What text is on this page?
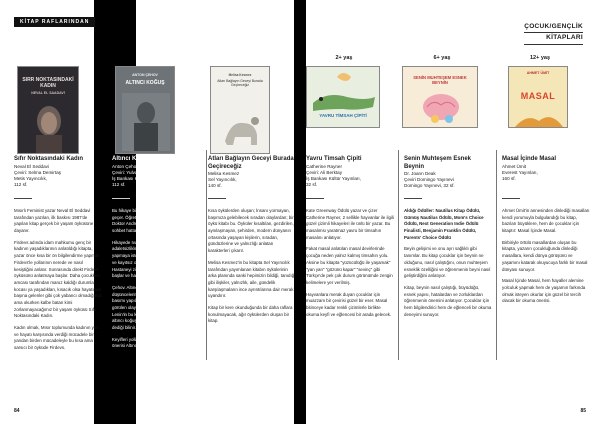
KİTAP RAFLARINDAN
ÇOCUK/GENÇLİK
KİTAPLARI
2+ yaş	6+ yaş	12+ yaş
SIRR NOKTASINDAKİ KADIN
NEVAL EL SAADAVİ
ANTON ÇEHOV
ALTINCI KOĞUŞ
Melisa Kesmez
Atları Bağlayın Geceyi Burada Geçireceğiz
YAVRU TİMSAH ÇİPİTİ
SENİN MUHTEŞEM ESNEK BEYNİN
AHMET ÜMİT
MASAL
Sıfır Noktasındaki Kadın
Neval El Seddavi
Çeviri: Selma Demirtaş
Metis Yayıncılık,
112 sf.
Altıncı Koğuş
Anton Çehov
Çeviri: Yulva Muhurdil
İş Bankası Kültür Yayınları,
112 sf.
Atları Bağlayın Geceyi Burada Geçireceğiz
Melisa Kesmez
Sel Yayıncılık,
140 sf.
Yavru Timsah Çipiti
Catherine Rayner
Çeviri: Ali Berktay
İş Bankası Kültür Yayınları,
32 sf.
Senin Muhteşem Esnek Beynin
Dr. Joann Deak
Çeviri Domingo Yayınevi
Domingo Yayınevi, 32 sf.
Masal İçinde Masal
Ahmet Ümit
Everest Yayınları,
160 sf.

Mısırlı Feminist yazar Neval El Seddavi tarafından yazılan, ilk baskısı 1987'de yapılan kitap gerçek bir yaşam öyküsüne dayanır.

Firdevs adında idam mahkumu genç bir kadının yaşadıklarının anlatıldığı kitapta, yazar önce kısa bir ön bilgilendirme yapmak Firdevs'le yollarının nerede ve nasıl kesiştiğini anlatır. Sonrasında direkt Firdevs öyküsünü anlatmaya başlar. Daha çocukken amcası tarafından maruz kaldığı durumlar, kocası ya yaşadıkları, kısacık olsa hayatında başına gelenler gibi çok yabancı olmadığımız ama okurken kalbe batan kimi zorlanmayacağımız bir yaşam öyküsü Sıfır Noktasındaki Kadın.

Kadın olmak, Mısır toplumunda kadının yeri ve hayatı karşısında verdiği mücadele bir yandan birden mücadeleyle bu kısa ama sarsıcı bir öyküde Firdevs.

Bu hikaye bir taşra kasabasındaki hastanede geçer. Öğretmil bir hasta olan Ivan Dmitriç ile Doktor Andrey Yefimiç arasındaki felsefik bir sohbet hatta çatışma anlatılır.

Hikayede Ivan Dmitriç yaşamın haksızlık ve adaletsizlikler karşında insanlık erdemi yapmaya istekli bir kişiyken doktor daha ılımlı ve kayıtsız olan bir kişi olarak görülür. Hastaneyi ziyaret ettiği anda huzursuzluğa başlar ve hasta kendisi olmaya başlar.

Çehov. Altıncı Koğuş'ta tıbbi felsefik düşüncelerini aktarmış, 1892 yılında ilk basımı yapılan bu kısa öyküsü halen yerinde görülen olaylar toplumun portresi olarak Lenin'in bu kitabı okuduktan sonra "kendimi altıncı koğuşta kapatılmış gibi hissettim" dediği bilinir.

Keyifleri yolların ve dolu yurucu bir okuma: önerisi Altıncı Koğuş.

Kısa öykülerden oluşan; İnsanı yormayan, başımıza gelebilecek sıradan olaylardan; bir öykü kitabı bu. Öyküler kısaltılan, gezdirilen, aynılaşmayan, şehirden, modern dünyanın ortasında yaşayan kişilerin, sıradan, gündüzlerine ve yalnızlığı anlatan karakterleri çıkarır.

Melisa Kesmez'in bu kitapta Sel Yayıncılık tarafından yayımlanan kitabın öykülerinin arka planında sanki hepimizin bildiği, tanıdığı gibi ilişkiler, yalnızlık, aile, gündelik karşılaşmaların ince ayrıntılarına dair merak uyandırır.

Kitap bir kere okunduğunda bir daha raflara konulmayacak, ağır öykülerden oluşan bir kitap.

Kate Greenway Ödülü yazar ve çizer Catherine Rayner, 2 sellikle hayvanlar ile ilgili güzel çizimli hikayeleri ile ünlü bir yazar. Bu masalımsı yaratmaz yavru bir timsahın masalını anlatıyor.

Fakat masal anlatılan masal devirlerinde çocuğa neden yalnız kalmış timsahın yolu. Aksine bu kitapta "yüzücülüğü ile yaşamak" "yan yan" "gözünü kapar" "sevinç" gibi Türkçe'de pek çok durum görünümde zengin kelimelere yer verilmiş.

Hayvanlara merak duyan çocuklar için muazzam bir çevirisi güzel bir eser. Masal bitinceye kadar renkli çizimlerle birlikte okuma keyfi ve eğlencesi bir arada gelecek.

Aldığı Ödüller: Nautilus Kitap Ödülü, Gümüş Nautilus Ödülü, Mom's Choice Ödülü, Next Generation Indie Ödülü Finalisti, Benjamin Franklin Ödülü, Parents' Choice Ödülü

Beyin gelişimi ve onu ayrı sağlıklı gibi tanımlar. Bu kitap çocuklar için beynin ne olduğunu, nasıl çalıştığını, onun muhteşem esneklik özelliğini ve öğrenmenin beyni nasıl geliştirdiğini anlatıyor.

Kitap, beynin nasıl çalıştığı, büyüdüğü, esnek yapısı, hatalardan ve zorluklardan öğrenmenin önemini anlatıyor. Çocuklar için hem bilgilendirici hem de eğlenceli bir okuma deneyimi sunuyor.

Ahmet Ümit'in annesinden dinlediği masalları kendi yorumuyla bulgulandığı bu kitap, bazıları büyüklere, hem de çocuklar için kitaptır: Masal İçinde Masal.

Birbiriyle örtülü masallardan oluşan bu kitapta, yazarın çocukluğunda dinlediği masallara, kendi dünya görüşünü ve yaşamını katarak okuyucuya farklı bir masal dünyası sunuyor.

Masal İçinde Masal, hem hayaller alemine yolculuk yapmak hem de yaşamın farkında olmak isteyen okurlar için güzel bir tercih olacak bir okuma önerisi.

84	85
